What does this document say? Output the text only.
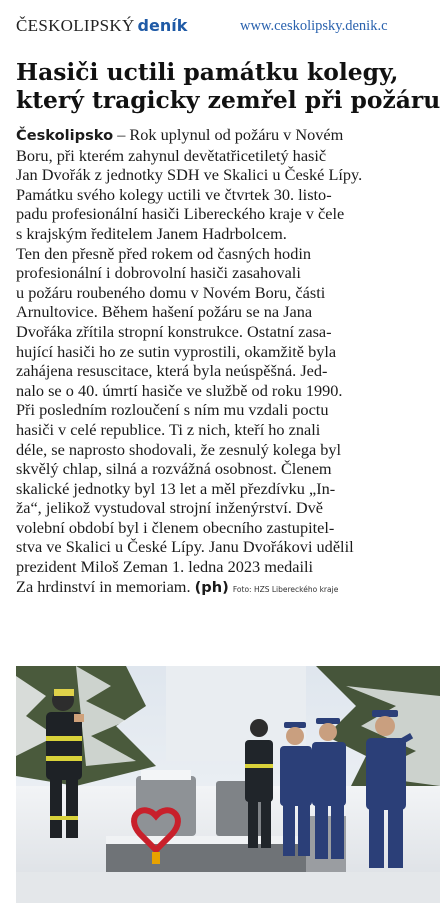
ČESKOLIPSKÝ deník	www.ceskolipsky.denik.c
Hasiči uctili památku kolegy,
který tragicky zemřel při požáru
Českolipsko – Rok uplynul od požáru v Novém
Boru, při kterém zahynul devětatřicetiletý hasič
Jan Dvořák z jednotky SDH ve Skalici u České Lípy.
Památku svého kolegy uctili ve čtvrtek 30. listo-
padu profesionální hasiči Libereckého kraje v čele
s krajským ředitelem Janem Hadrbolcem.
Ten den přesně před rokem od časných hodin
profesionální i dobrovolní hasiči zasahovali
u požáru roubeného domu v Novém Boru, části
Arnultovice. Během hašení požáru se na Jana
Dvořáka zřítila stropní konstrukce. Ostatní zasa-
hující hasiči ho ze sutin vyprostili, okamžitě byla
zahájena resuscitace, která byla neúspěšná. Jed-
nalo se o 40. úmrtí hasiče ve službě od roku 1990.
Při posledním rozloučení s ním mu vzdali poctu
hasiči v celé republice. Ti z nich, kteří ho znali
déle, se naprosto shodovali, že zesnulý kolega byl
skvělý chlap, silná a rozvážná osobnost. Členem
skalické jednotky byl 13 let a měl přezdívku „In-
ža“, jelikož vystudoval strojní inženýrství. Dvě
volební období byl i členem obecního zastupitel-
stva ve Skalici u České Lípy. Janu Dvořákovi udělil
prezident Miloš Zeman 1. ledna 2023 medaili
Za hrdinství in memoriam. (ph) Foto: HZS Libereckého kraje
